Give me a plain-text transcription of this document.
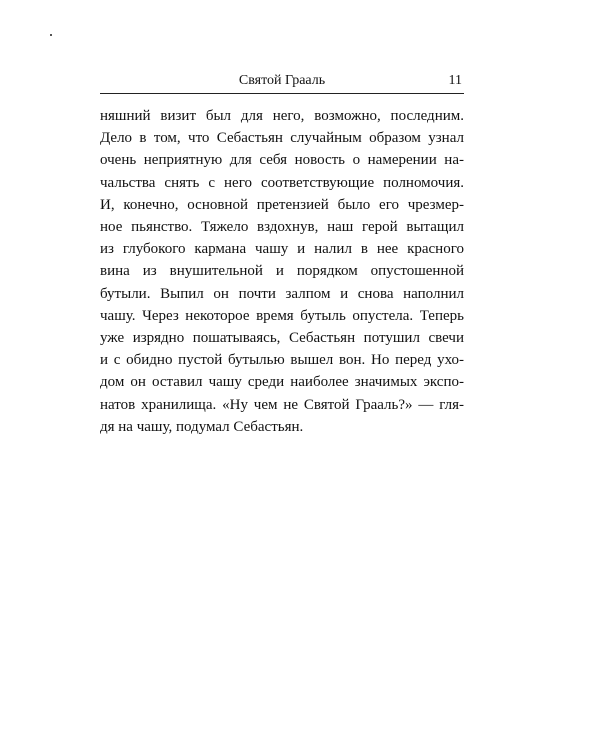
Святой Грааль	11
няшний визит был для него, возможно, последним.
Дело в том, что Себастьян случайным образом узнал
очень неприятную для себя новость о намерении на-
чальства снять с него соответствующие полномочия.
И, конечно, основной претензией было его чрезмер-
ное пьянство. Тяжело вздохнув, наш герой вытащил
из глубокого кармана чашу и налил в нее красного
вина из внушительной и порядком опустошенной
бутыли. Выпил он почти залпом и снова наполнил
чашу. Через некоторое время бутыль опустела. Теперь
уже изрядно пошатываясь, Себастьян потушил свечи
и с обидно пустой бутылью вышел вон. Но перед ухо-
дом он оставил чашу среди наиболее значимых экспо-
натов хранилища. «Ну чем не Святой Грааль?» — гля-
дя на чашу, подумал Себастьян.
